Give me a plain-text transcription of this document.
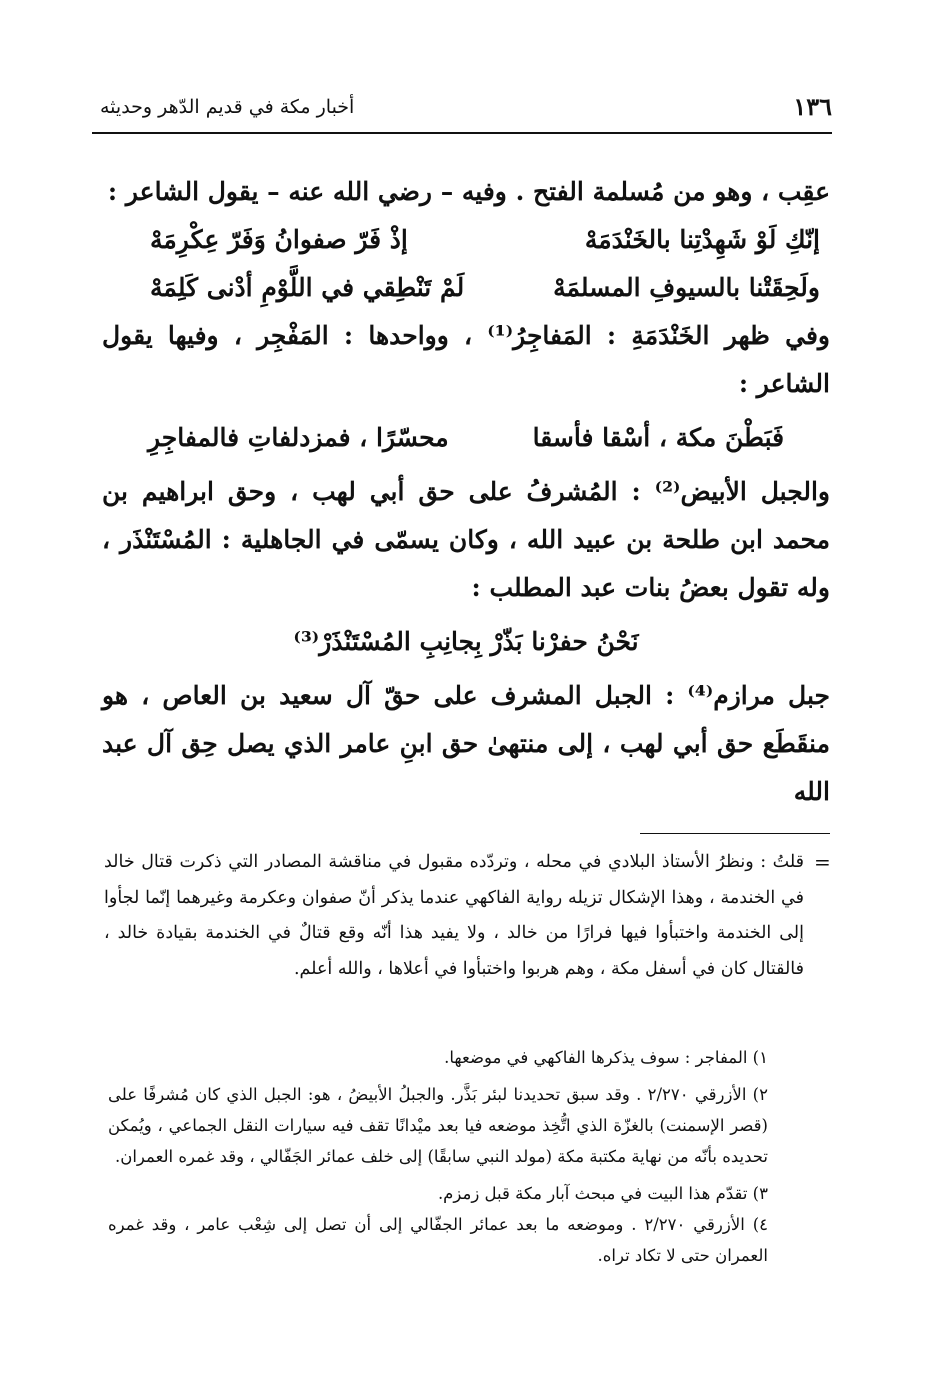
١٣٦
أخبار مكة في قديم الدّهر وحديثه

عقِب ، وهو من مُسلمة الفتح . وفيه – رضي الله عنه – يقول الشاعر :

إنّكِ لَوْ شَهِدْتِنا بالخَنْدَمَهْ
إذْ فَرّ صفوانُ وَفَرّ عِكْرِمَهْ
ولَحِقَتْنا بالسيوفِ المسلمَهْ
لَمْ تَنْطِقي في اللَّوْمِ أدْنى كَلِمَهْ

وفي ظهر الخَنْدَمَةِ : المَفاجِرُ⁽¹⁾ ، وواحدها : المَفْجِر ، وفيها يقول الشاعر :

فَبَطْنَ مكة ، أسْقا فأسقا
محسّرًا ، فمزدلفاتِ فالمفاجِرِ

والجبل الأبيض⁽²⁾ : المُشرفُ على حق أبي لهب ، وحق ابراهيم بن محمد ابن طلحة بن عبيد الله ، وكان يسمّى في الجاهلية : المُسْتَنْذَر ، وله تقول بعضُ بنات عبد المطلب :

نَحْنُ حفرْنا بَذّرْ بِجانِبِ المُسْتَنْذَرْ⁽³⁾

جبل مرازم⁽⁴⁾ : الجبل المشرف على حقّ آل سعيد بن العاص ، هو منقَطَع حق أبي لهب ، إلى منتهىٰ حق ابنِ عامر الذي يصل حِق آل عبد الله

=

قلتُ : ونظرُ الأستاذ البلادي في محله ، وتردّده مقبول في مناقشة المصادر التي ذكرت قتال خالد في الخندمة ، وهذا الإشكال تزيله رواية الفاكهي عندما يذكر أنّ صفوان وعكرمة وغيرهما إنّما لجأوا إلى الخندمة واختبأوا فيها فرارًا من خالد ، ولا يفيد هذا أنّه وقع قتالٌ في الخندمة بقيادة خالد ، فالقتال كان في أسفل مكة ، وهم هربوا واختبأوا في أعلاها ، والله أعلم.

١) المفاجر : سوف يذكرها الفاكهي في موضعها.

٢) الأزرقي ٢/٢٧٠ . وقد سبق تحديدنا لبئر بَذَّر. والجبلُ الأبيضُ ، هو: الجبل الذي كان مُشرفًا على (قصر الإسمنت) بالغزّة الذي اتُّخِذ موضعه فيا بعد ميْدانًا تقف فيه سيارات النقل الجماعي ، ويُمكن تحديده بأنّه من نهاية مكتبة مكة (مولد النبي سابقًا) إلى خلف عمائر الجَفّالي ، وقد غمره العمران.

٣) تقدّم هذا البيت في مبحث آبار مكة قبل زمزم.

٤) الأزرقي ٢/٢٧٠ . وموضعه ما بعد عمائر الجفّالي إلى أن تصل إلى شِعْب عامر ، وقد غمره العمران حتى لا تكاد تراه.
